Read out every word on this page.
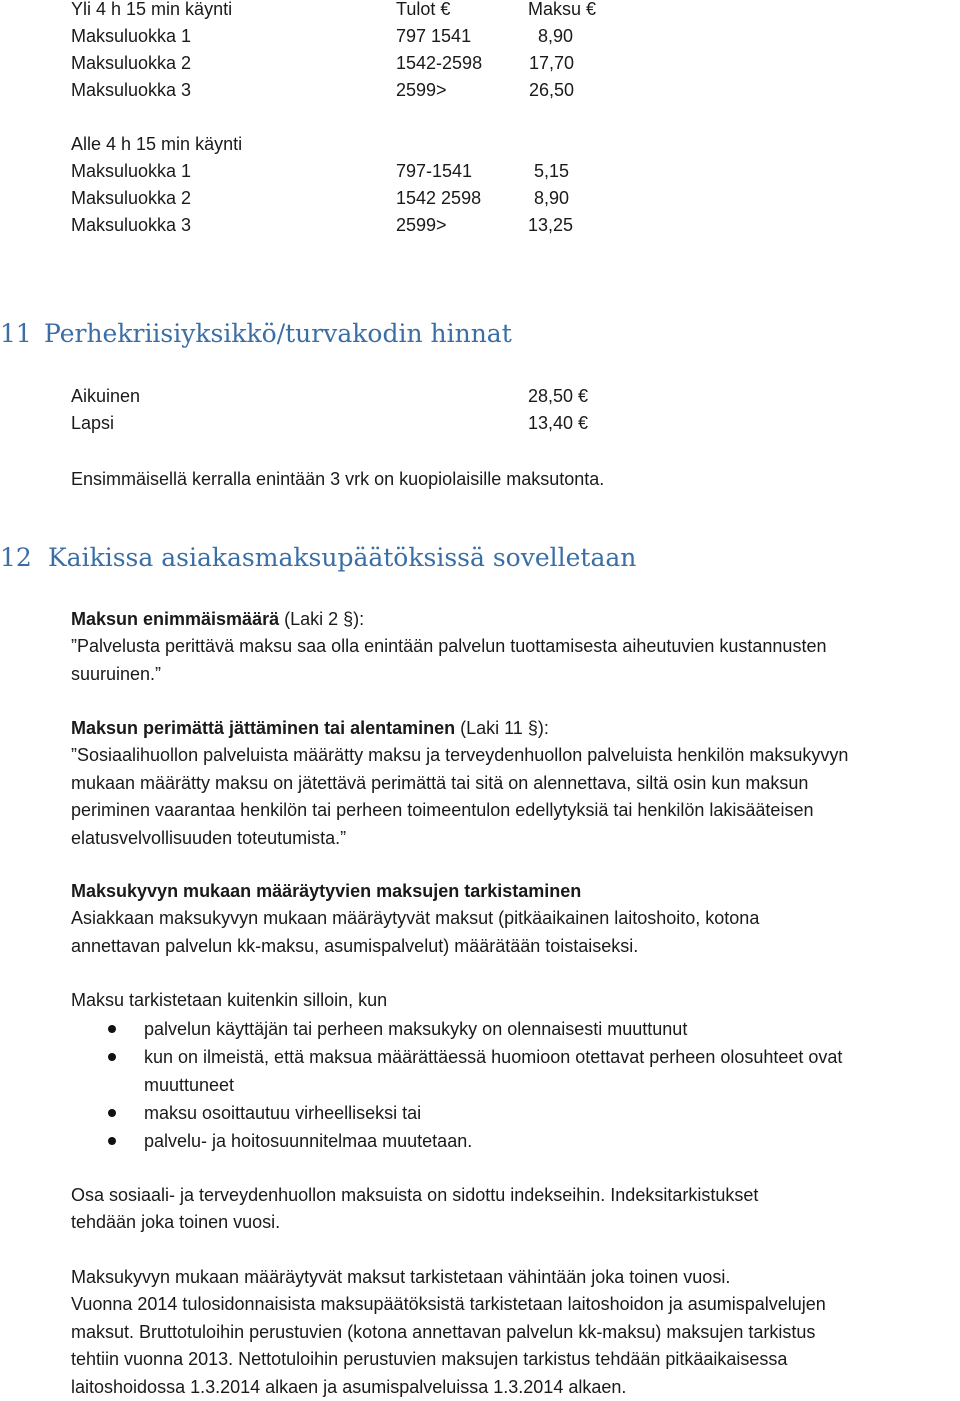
Yli 4 h 15 min käynti	Tulot €	Maksu €
Maksuluokka 1	797 1541	8,90
Maksuluokka 2	1542-2598	17,70
Maksuluokka 3	2599>	26,50
Alle 4 h 15 min käynti
Maksuluokka 1	797-1541	5,15
Maksuluokka 2	1542 2598	8,90
Maksuluokka 3	2599>	13,25
11 Perhekriisiyksikkö/turvakodin hinnat
Aikuinen	28,50 €
Lapsi	13,40 €
Ensimmäisellä kerralla enintään 3 vrk on kuopiolaisille maksutonta.
12 Kaikissa asiakasmaksupäätöksissä sovelletaan
Maksun enimmäismäärä (Laki 2 §):
”Palvelusta perittävä maksu saa olla enintään palvelun tuottamisesta aiheutuvien kustannusten
suuruinen.”
Maksun perimättä jättäminen tai alentaminen (Laki 11 §):
”Sosiaalihuollon palveluista määrätty maksu ja terveydenhuollon palveluista henkilön maksukyvyn
mukaan määrätty maksu on jätettävä perimättä tai sitä on alennettava, siltä osin kun maksun
periminen vaarantaa henkilön tai perheen toimeentulon edellytyksiä tai henkilön lakisääteisen
elatusvelvollisuuden toteutumista.”
Maksukyvyn mukaan määräytyvien maksujen tarkistaminen
Asiakkaan maksukyvyn mukaan määräytyvät maksut (pitkäaikainen laitoshoito, kotona
annettavan palvelun kk-maksu, asumispalvelut) määrätään toistaiseksi.
Maksu tarkistetaan kuitenkin silloin, kun
palvelun käyttäjän tai perheen maksukyky on olennaisesti muuttunut
kun on ilmeistä, että maksua määrättäessä huomioon otettavat perheen olosuhteet ovat
muuttuneet
maksu osoittautuu virheelliseksi tai
palvelu- ja hoitosuunnitelmaa muutetaan.
Osa sosiaali- ja terveydenhuollon maksuista on sidottu indekseihin. Indeksitarkistukset
tehdään joka toinen vuosi.
Maksukyvyn mukaan määräytyvät maksut tarkistetaan vähintään joka toinen vuosi.
Vuonna 2014 tulosidonnaisista maksupäätöksistä tarkistetaan laitoshoidon ja asumispalvelujen
maksut. Bruttotuloihin perustuvien (kotona annettavan palvelun kk-maksu) maksujen tarkistus
tehtiin vuonna 2013. Nettotuloihin perustuvien maksujen tarkistus tehdään pitkäaikaisessa
laitoshoidossa 1.3.2014 alkaen ja asumispalveluissa 1.3.2014 alkaen.
